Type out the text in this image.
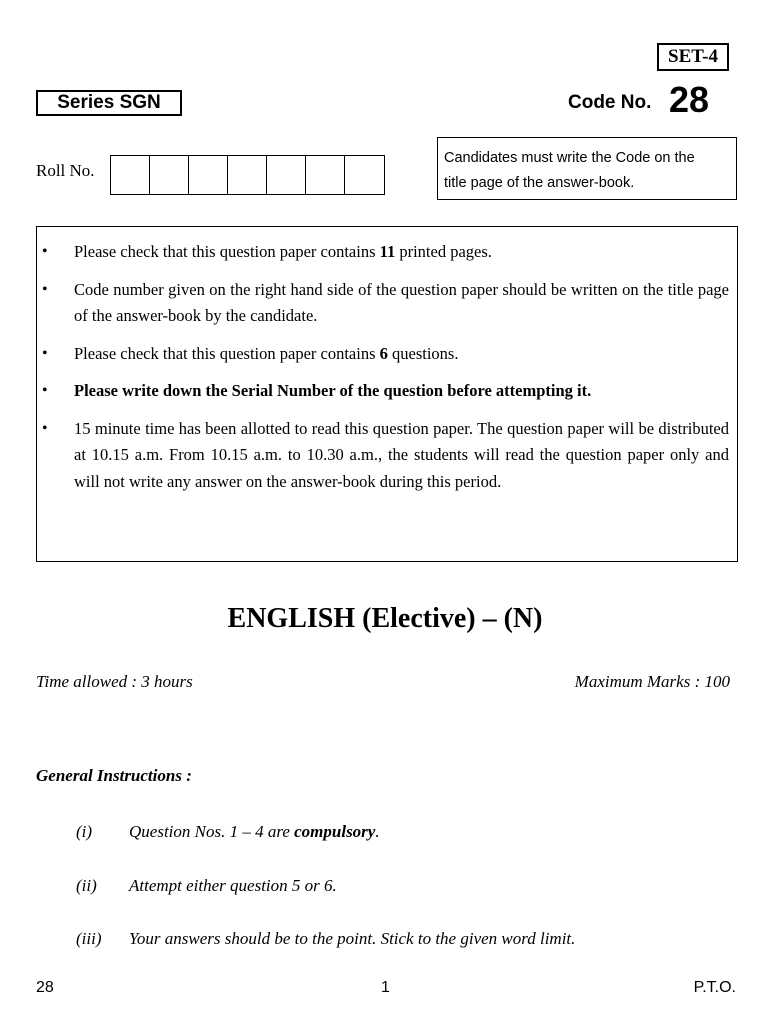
SET-4
Series SGN	Code No. 28
Roll No.
Candidates must write the Code on the
title page of the answer-book.
• Please check that this question paper contains 11 printed pages.
• Code number given on the right hand side of the question paper should be written on the title page of the answer-book by the candidate.
• Please check that this question paper contains 6 questions.
• Please write down the Serial Number of the question before attempting it.
• 15 minute time has been allotted to read this question paper. The question paper will be distributed at 10.15 a.m. From 10.15 a.m. to 10.30 a.m., the students will read the question paper only and will not write any answer on the answer-book during this period.
ENGLISH (Elective) – (N)
Time allowed : 3 hours	Maximum Marks : 100
General Instructions :
(i) Question Nos. 1 – 4 are compulsory.
(ii) Attempt either question 5 or 6.
(iii) Your answers should be to the point. Stick to the given word limit.
28	1	P.T.O.
